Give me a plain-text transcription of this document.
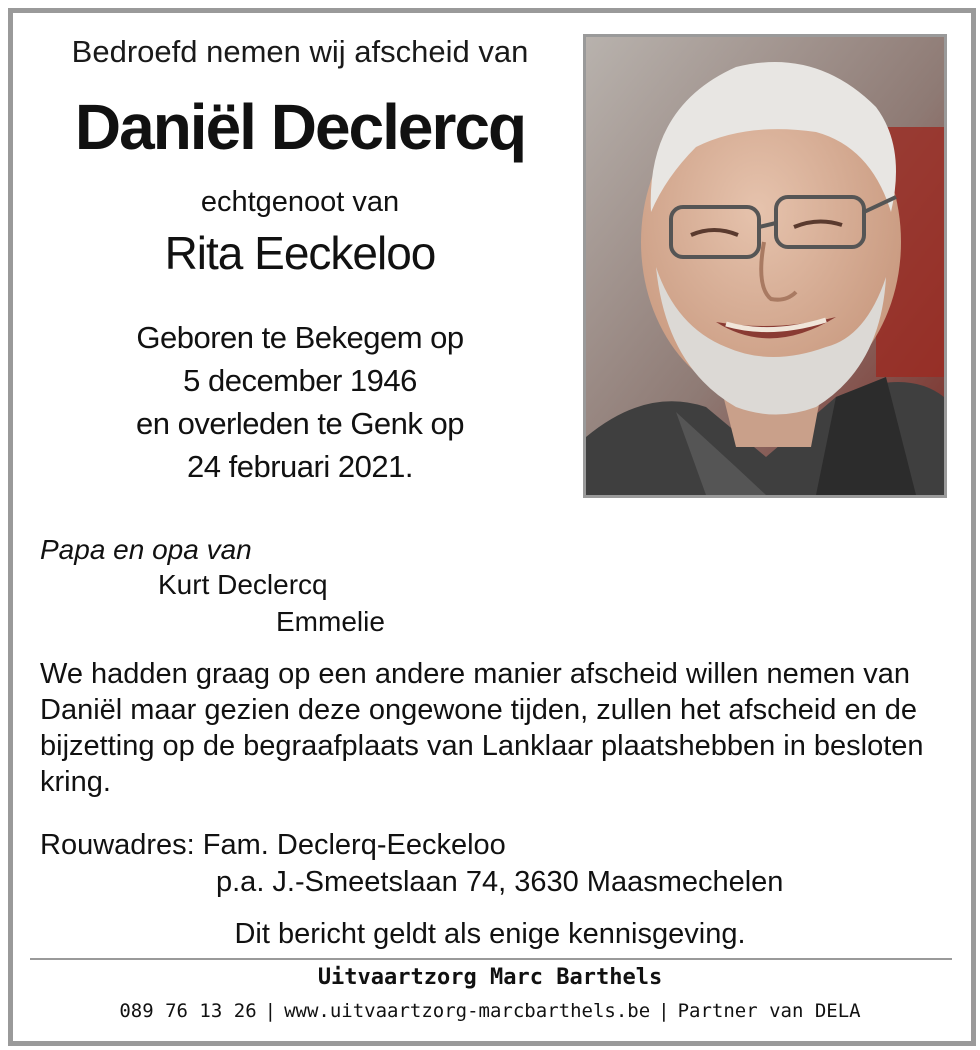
Bedroefd nemen wij afscheid van
Daniël Declercq
echtgenoot van
Rita Eeckeloo
Geboren te Bekegem op
5 december 1946
en overleden te Genk op
24 februari 2021.
Papa en opa van
Kurt Declercq
Emmelie
We hadden graag op een andere manier afscheid willen nemen van Daniël maar gezien deze ongewone tijden, zullen het afscheid en de bijzetting op de begraafplaats van Lanklaar plaatshebben in besloten kring.
Rouwadres: Fam. Declerq-Eeckeloo
p.a. J.-Smeetslaan 74, 3630 Maasmechelen
Dit bericht geldt als enige kennisgeving.
Uitvaartzorg Marc Barthels
089 76 13 26 | www.uitvaartzorg-marcbarthels.be | Partner van DELA
